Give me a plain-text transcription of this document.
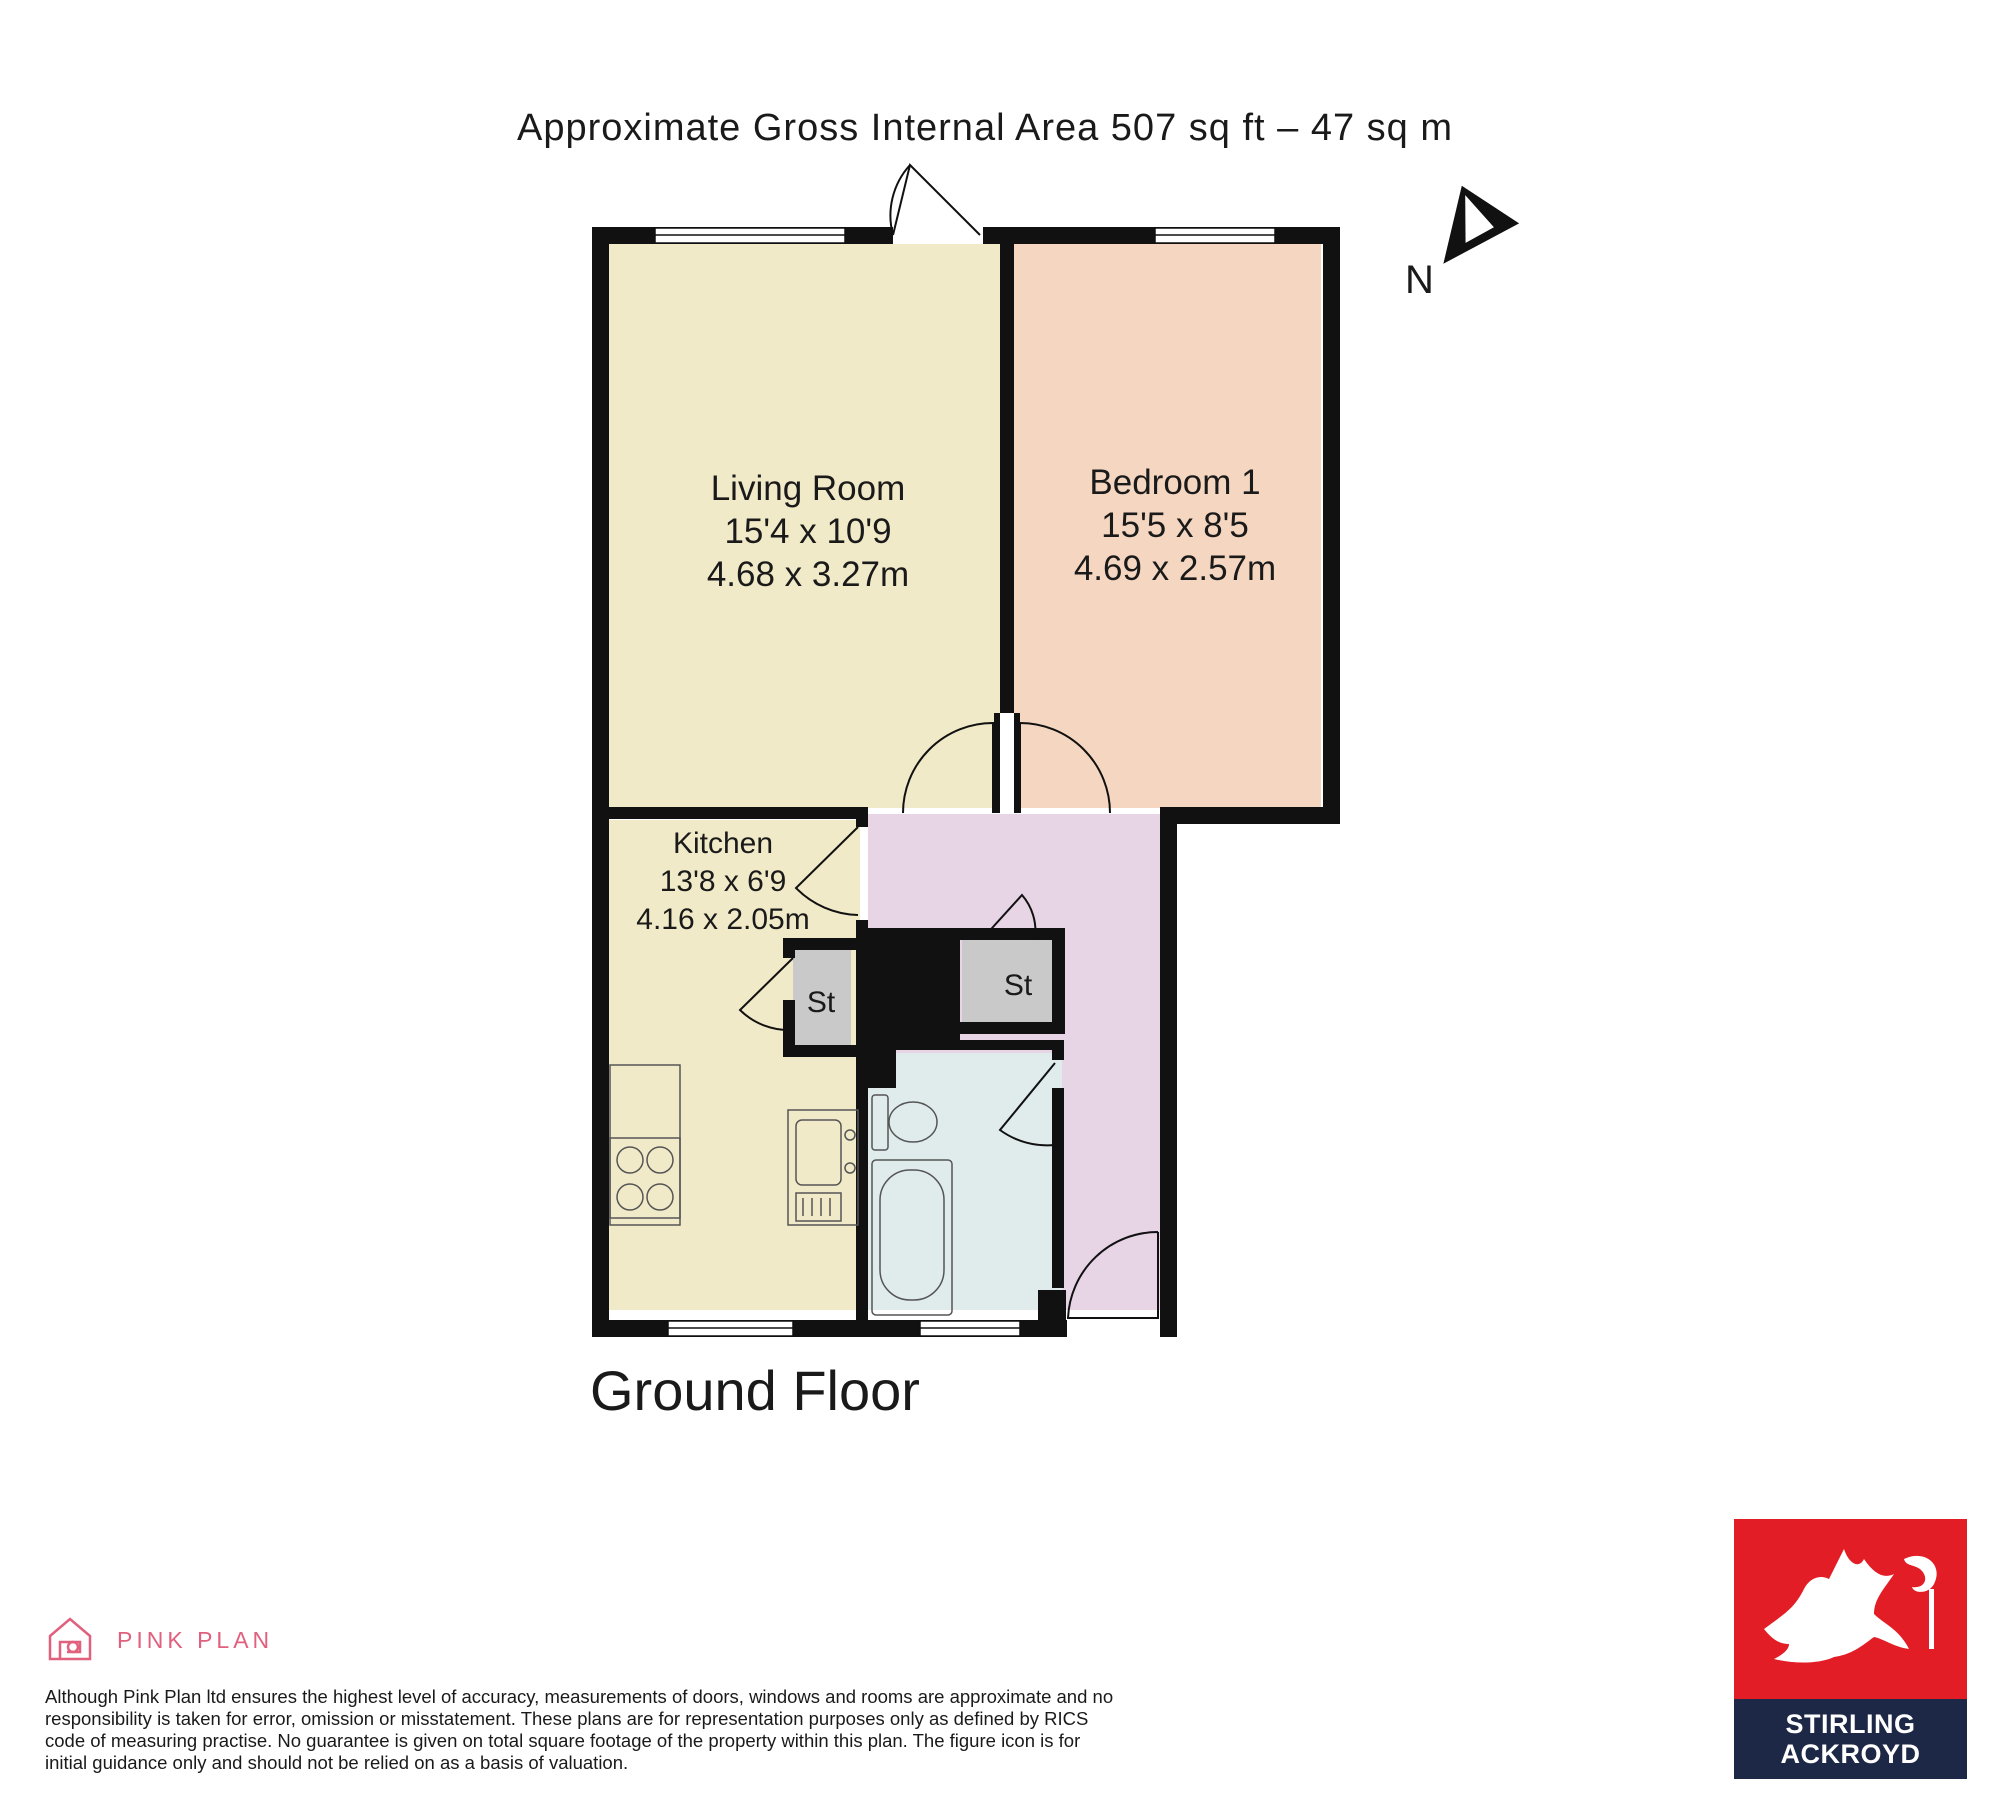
Approximate Gross Internal Area 507 sq ft – 47 sq m
Living Room
15'4 x 10'9
4.68 x 3.27m
Bedroom 1
15'5 x 8'5
4.69 x 2.57m
Kitchen
13'8 x 6'9
4.16 x 2.05m
St
St
Ground Floor
N
PINK PLAN
Although Pink Plan ltd ensures the highest level of accuracy, measurements of doors, windows and rooms are approximate and no responsibility is taken for error, omission or misstatement. These plans are for representation purposes only as defined by RICS code of measuring practise. No guarantee is given on total square footage of the property within this plan. The figure icon is for initial guidance only and should not be relied on as a basis of valuation.
STIRLING
ACKROYD
